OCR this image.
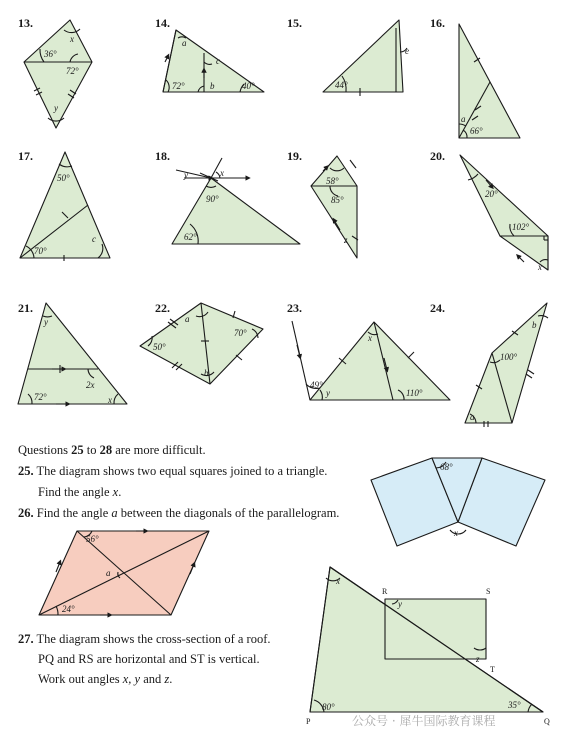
13.	14.	15.	16.
17.	18.	19.	20.
21.	22.	23.	24.
Questions 25 to 28 are more difficult.
25. The diagram shows two equal squares joined to a triangle.
Find the angle x.
26. Find the angle a between the diagonals of the parallelogram.
27. The diagram shows the cross-section of a roof.
PQ and RS are horizontal and ST is vertical.
Work out angles x, y and z.
公众号 · 犀牛国际教育课程
36°
x
72°
y
a
c
72°	b	40°
e
44°
a
66°
50°
c
70°
y	x
90°
62°
58°
85°
z
20°
102°
x
y
2x
72°	x
a
70°
50°
b
x
49°
y	110°
b
100°
a
56°
a
24°
x
R	S
y
z
T
80°	35°
P	Q
68°
x
